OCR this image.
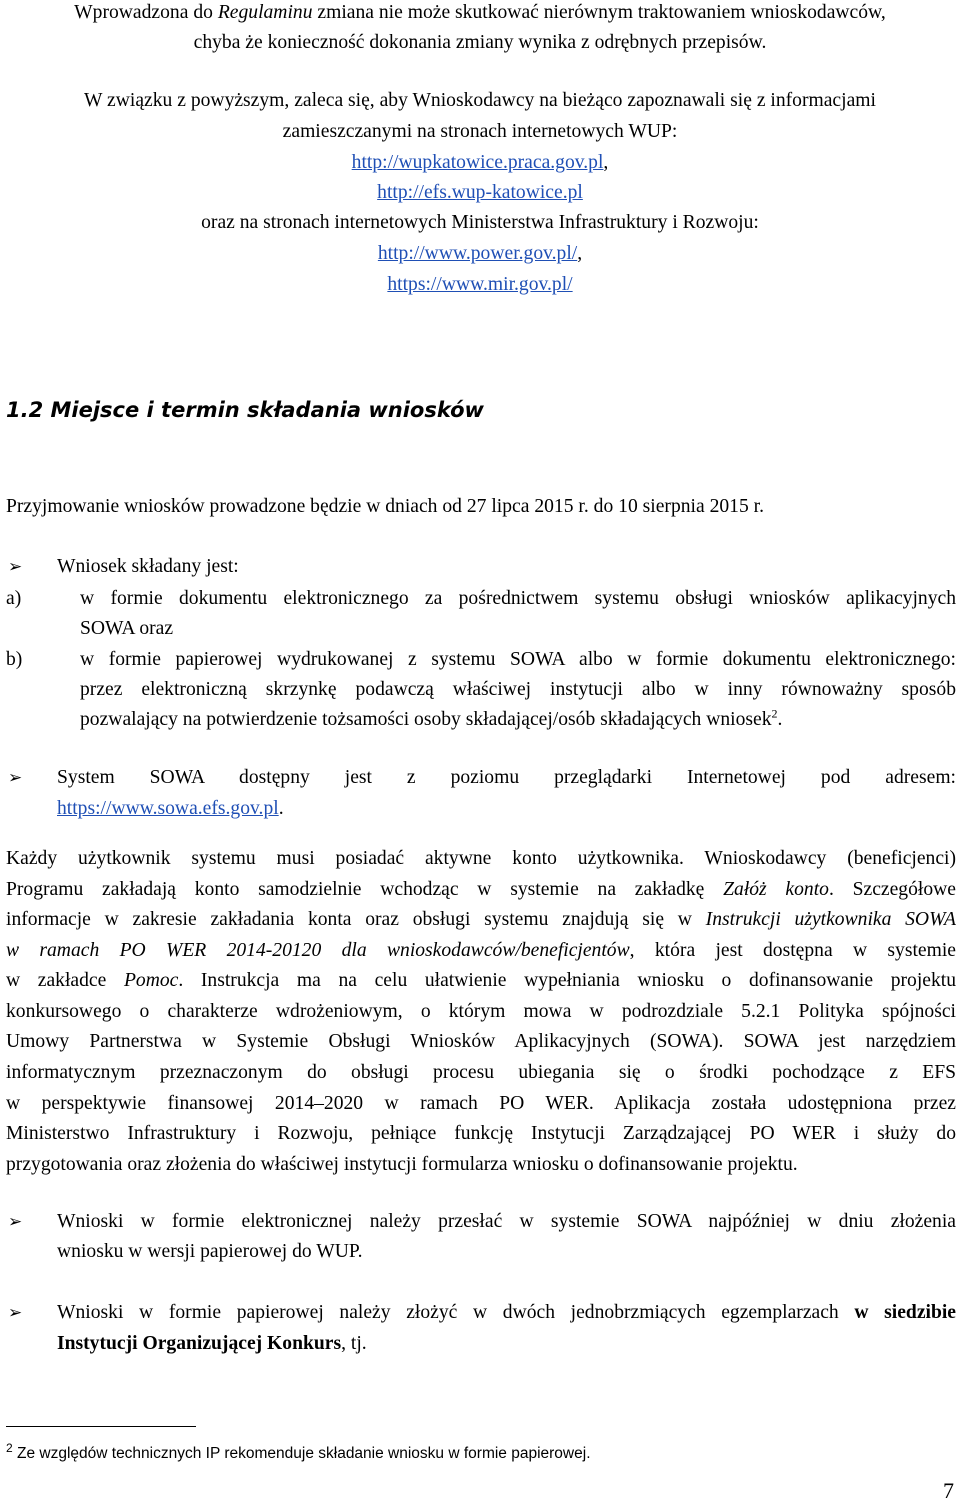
Wprowadzona do Regulaminu zmiana nie może skutkować nierównym traktowaniem wnioskodawców,
chyba że konieczność dokonania zmiany wynika z odrębnych przepisów.
W związku z powyższym, zaleca się, aby Wnioskodawcy na bieżąco zapoznawali się z informacjami
zamieszczanymi na stronach internetowych WUP:
http://wupkatowice.praca.gov.pl,
http://efs.wup-katowice.pl
oraz na stronach internetowych Ministerstwa Infrastruktury i Rozwoju:
http://www.power.gov.pl/,
https://www.mir.gov.pl/
1.2 Miejsce i termin składania wniosków
Przyjmowanie wniosków prowadzone będzie w dniach od 27 lipca 2015 r. do 10 sierpnia 2015 r.
➢ Wniosek składany jest:
a)	w formie dokumentu elektronicznego za pośrednictwem systemu obsługi wniosków aplikacyjnych
SOWA oraz
b)	w formie papierowej wydrukowanej z systemu SOWA albo w formie dokumentu elektronicznego:
przez elektroniczną skrzynkę podawczą właściwej instytucji albo w inny równoważny sposób
pozwalający na potwierdzenie tożsamości osoby składającej/osób składających wniosek$^2$.
➢ System SOWA dostępny jest z poziomu przeglądarki Internetowej pod adresem:
https://www.sowa.efs.gov.pl.
Każdy użytkownik systemu musi posiadać aktywne konto użytkownika. Wnioskodawcy (beneficjenci)
Programu zakładają konto samodzielnie wchodząc w systemie na zakładkę Załóż konto. Szczegółowe
informacje w zakresie zakładania konta oraz obsługi systemu znajdują się w Instrukcji użytkownika SOWA
w ramach PO WER 2014-20120 dla wnioskodawców/beneficjentów, która jest dostępna w systemie
w zakładce Pomoc. Instrukcja ma na celu ułatwienie wypełniania wniosku o dofinansowanie projektu
konkursowego o charakterze wdrożeniowym, o którym mowa w podrozdziale 5.2.1 Polityka spójności
Umowy Partnerstwa w Systemie Obsługi Wniosków Aplikacyjnych (SOWA). SOWA jest narzędziem
informatycznym przeznaczonym do obsługi procesu ubiegania się o środki pochodzące z EFS
w perspektywie finansowej 2014–2020 w ramach PO WER. Aplikacja została udostępniona przez
Ministerstwo Infrastruktury i Rozwoju, pełniące funkcję Instytucji Zarządzającej PO WER i służy do
przygotowania oraz złożenia do właściwej instytucji formularza wniosku o dofinansowanie projektu.
➢ Wnioski w formie elektronicznej należy przesłać w systemie SOWA najpóźniej w dniu złożenia
wniosku w wersji papierowej do WUP.
➢ Wnioski w formie papierowej należy złożyć w dwóch jednobrzmiących egzemplarzach w siedzibie
Instytucji Organizującej Konkurs, tj.
$^2$ Ze względów technicznych IP rekomenduje składanie wniosku w formie papierowej.
7
